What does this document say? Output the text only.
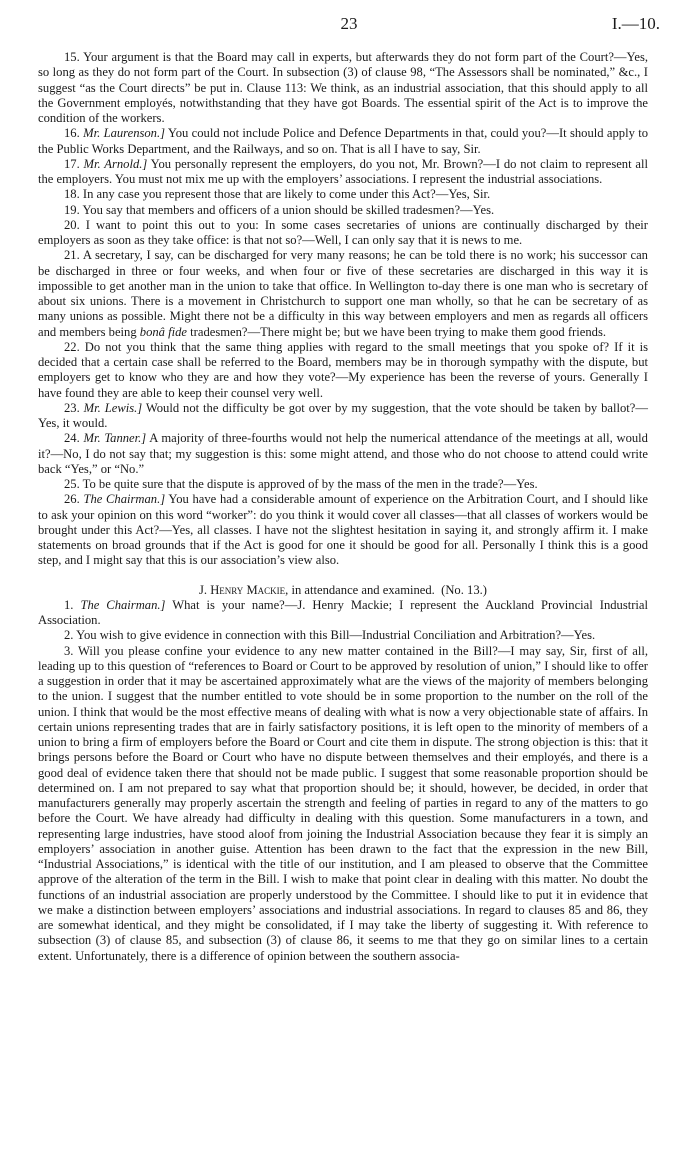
23	I.—10.

15. Your argument is that the Board may call in experts, but afterwards they do not form part of the Court?—Yes, so long as they do not form part of the Court. In subsection (3) of clause 98, “The Assessors shall be nominated,” &c., I suggest “as the Court directs” be put in. Clause 113: We think, as an industrial association, that this should apply to all the Government employés, notwithstanding that they have got Boards. The essential spirit of the Act is to improve the condition of the workers.

16. Mr. Laurenson.] You could not include Police and Defence Departments in that, could you?—It should apply to the Public Works Department, and the Railways, and so on. That is all I have to say, Sir.

17. Mr. Arnold.] You personally represent the employers, do you not, Mr. Brown?—I do not claim to represent all the employers. You must not mix me up with the employers’ associations. I represent the industrial associations.

18. In any case you represent those that are likely to come under this Act?—Yes, Sir.

19. You say that members and officers of a union should be skilled tradesmen?—Yes.

20. I want to point this out to you: In some cases secretaries of unions are continually discharged by their employers as soon as they take office: is that not so?—Well, I can only say that it is news to me.

21. A secretary, I say, can be discharged for very many reasons; he can be told there is no work; his successor can be discharged in three or four weeks, and when four or five of these secretaries are discharged in this way it is impossible to get another man in the union to take that office. In Wellington to-day there is one man who is secretary of about six unions. There is a movement in Christchurch to support one man wholly, so that he can be secretary of as many unions as possible. Might there not be a difficulty in this way between employers and men as regards all officers and members being bonâ fide tradesmen?—There might be; but we have been trying to make them good friends.

22. Do not you think that the same thing applies with regard to the small meetings that you spoke of? If it is decided that a certain case shall be referred to the Board, members may be in thorough sympathy with the dispute, but employers get to know who they are and how they vote?—My experience has been the reverse of yours. Generally I have found they are able to keep their counsel very well.

23. Mr. Lewis.] Would not the difficulty be got over by my suggestion, that the vote should be taken by ballot?—Yes, it would.

24. Mr. Tanner.] A majority of three-fourths would not help the numerical attendance of the meetings at all, would it?—No, I do not say that; my suggestion is this: some might attend, and those who do not choose to attend could write back “Yes,” or “No.”

25. To be quite sure that the dispute is approved of by the mass of the men in the trade?—Yes.

26. The Chairman.] You have had a considerable amount of experience on the Arbitration Court, and I should like to ask your opinion on this word “worker”: do you think it would cover all classes—that all classes of workers would be brought under this Act?—Yes, all classes. I have not the slightest hesitation in saying it, and strongly affirm it. I make statements on broad grounds that if the Act is good for one it should be good for all. Personally I think this is a good step, and I might say that this is our association’s view also.

J. Henry Mackie, in attendance and examined. (No. 13.)

1. The Chairman.] What is your name?—J. Henry Mackie; I represent the Auckland Provincial Industrial Association.

2. You wish to give evidence in connection with this Bill—Industrial Conciliation and Arbitration?—Yes.

3. Will you please confine your evidence to any new matter contained in the Bill?—I may say, Sir, first of all, leading up to this question of “references to Board or Court to be approved by resolution of union,” I should like to offer a suggestion in order that it may be ascertained approximately what are the views of the majority of members belonging to the union. I suggest that the number entitled to vote should be in some proportion to the number on the roll of the union. I think that would be the most effective means of dealing with what is now a very objectionable state of affairs. In certain unions representing trades that are in fairly satisfactory positions, it is left open to the minority of members of a union to bring a firm of employers before the Board or Court and cite them in dispute. The strong objection is this: that it brings persons before the Board or Court who have no dispute between themselves and their employés, and there is a good deal of evidence taken there that should not be made public. I suggest that some reasonable proportion should be determined on. I am not prepared to say what that proportion should be; it should, however, be decided, in order that manufacturers generally may properly ascertain the strength and feeling of parties in regard to any of the matters to go before the Court. We have already had difficulty in dealing with this question. Some manufacturers in a town, and representing large industries, have stood aloof from joining the Industrial Association because they fear it is simply an employers’ association in another guise. Attention has been drawn to the fact that the expression in the new Bill, “Industrial Associations,” is identical with the title of our institution, and I am pleased to observe that the Committee approve of the alteration of the term in the Bill. I wish to make that point clear in dealing with this matter. No doubt the functions of an industrial association are properly understood by the Committee. I should like to put it in evidence that we make a distinction between employers’ associations and industrial associations. In regard to clauses 85 and 86, they are somewhat identical, and they might be consolidated, if I may take the liberty of suggesting it. With reference to subsection (3) of clause 85, and subsection (3) of clause 86, it seems to me that they go on similar lines to a certain extent. Unfortunately, there is a difference of opinion between the southern associa-
